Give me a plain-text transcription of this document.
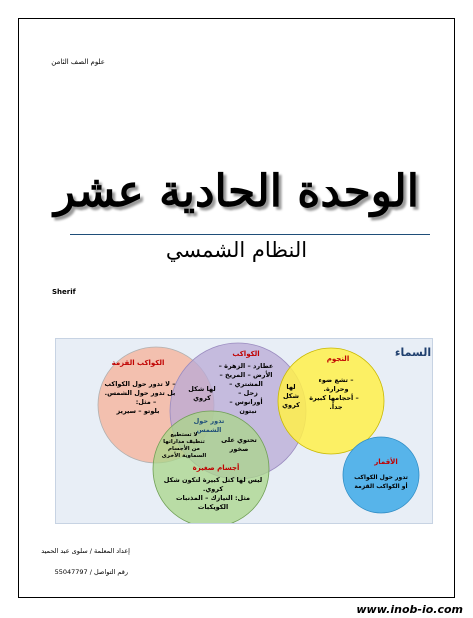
علوم الصف الثامن
الوحدة الحادية عشر
النظام الشمسي
Sherif
السماء
الكواكب القزمة
– لا تدور حول الكواكب
بل تدور حول الشمس.
– مثل:
بلوتو – سيريز
لها شكل
كروي
الكواكب
عطارد – الزهرة –
الأرض – المريخ –
المشتري –
زحل –
أورانوس –
نبتون
لها
شكل
كروي
النجوم
– تشع ضوء
وحرارة.
– أحجامها كبيرة
جداً.
تدور حول
الشمس
لا تستطيع
تنظيف مداراتها
من الأجسام
السماوية الأخرى
تحتوي على
صخور
أجسام صغيرة
ليس لها كتل كبيرة لتكون شكل
كروي.
مثل: النيازك – المذنبات
الكويكبات
الأقمار
تدور حول الكواكب
أو الكواكب القزمة
إعداد المعلمة / سلوى عبد الحميد
رقم التواصل / 55047797
www.inob-io.com
